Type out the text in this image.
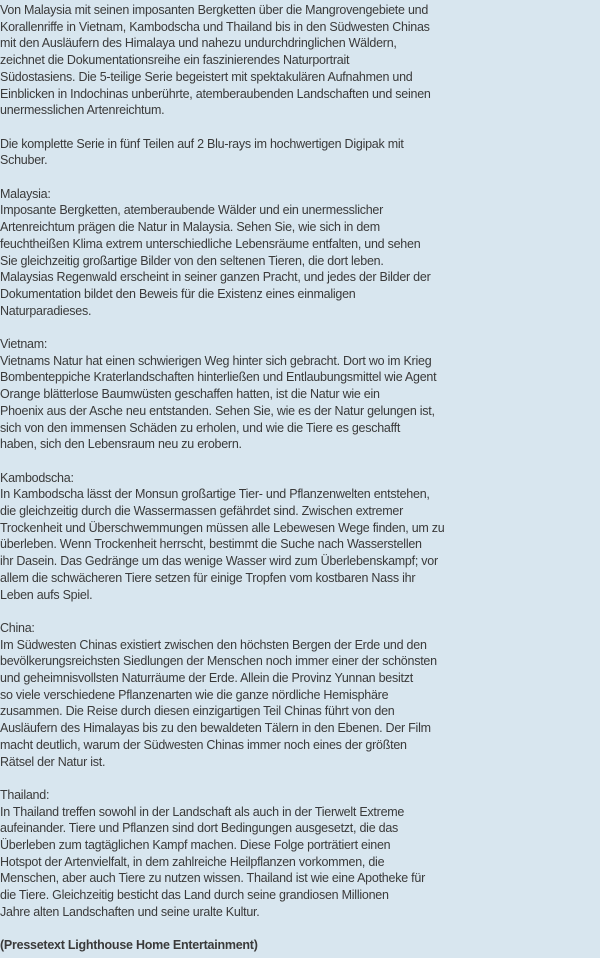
Von Malaysia mit seinen imposanten Bergketten über die Mangrovengebiete und
Korallenriffe in Vietnam, Kambodscha und Thailand bis in den Südwesten Chinas
mit den Ausläufern des Himalaya und nahezu undurchdringlichen Wäldern,
zeichnet die Dokumentationsreihe ein faszinierendes Naturportrait
Südostasiens. Die 5-teilige Serie begeistert mit spektakulären Aufnahmen und
Einblicken in Indochinas unberührte, atemberaubenden Landschaften und seinen
unermesslichen Artenreichtum.
Die komplette Serie in fünf Teilen auf 2 Blu-rays im hochwertigen Digipak mit
Schuber.
Malaysia:
Imposante Bergketten, atemberaubende Wälder und ein unermesslicher
Artenreichtum prägen die Natur in Malaysia. Sehen Sie, wie sich in dem
feuchtheißen Klima extrem unterschiedliche Lebensräume entfalten, und sehen
Sie gleichzeitig großartige Bilder von den seltenen Tieren, die dort leben.
Malaysias Regenwald erscheint in seiner ganzen Pracht, und jedes der Bilder der
Dokumentation bildet den Beweis für die Existenz eines einmaligen
Naturparadieses.
Vietnam:
Vietnams Natur hat einen schwierigen Weg hinter sich gebracht. Dort wo im Krieg
Bombenteppiche Kraterlandschaften hinterließen und Entlaubungsmittel wie Agent
Orange blätterlose Baumwüsten geschaffen hatten, ist die Natur wie ein
Phoenix aus der Asche neu entstanden. Sehen Sie, wie es der Natur gelungen ist,
sich von den immensen Schäden zu erholen, und wie die Tiere es geschafft
haben, sich den Lebensraum neu zu erobern.
Kambodscha:
In Kambodscha lässt der Monsun großartige Tier- und Pflanzenwelten entstehen,
die gleichzeitig durch die Wassermassen gefährdet sind. Zwischen extremer
Trockenheit und Überschwemmungen müssen alle Lebewesen Wege finden, um zu
überleben. Wenn Trockenheit herrscht, bestimmt die Suche nach Wasserstellen
ihr Dasein. Das Gedränge um das wenige Wasser wird zum Überlebenskampf; vor
allem die schwächeren Tiere setzen für einige Tropfen vom kostbaren Nass ihr
Leben aufs Spiel.
China:
Im Südwesten Chinas existiert zwischen den höchsten Bergen der Erde und den
bevölkerungsreichsten Siedlungen der Menschen noch immer einer der schönsten
und geheimnisvollsten Naturräume der Erde. Allein die Provinz Yunnan besitzt
so viele verschiedene Pflanzenarten wie die ganze nördliche Hemisphäre
zusammen. Die Reise durch diesen einzigartigen Teil Chinas führt von den
Ausläufern des Himalayas bis zu den bewaldeten Tälern in den Ebenen. Der Film
macht deutlich, warum der Südwesten Chinas immer noch eines der größten
Rätsel der Natur ist.
Thailand:
In Thailand treffen sowohl in der Landschaft als auch in der Tierwelt Extreme
aufeinander. Tiere und Pflanzen sind dort Bedingungen ausgesetzt, die das
Überleben zum tagtäglichen Kampf machen. Diese Folge porträtiert einen
Hotspot der Artenvielfalt, in dem zahlreiche Heilpflanzen vorkommen, die
Menschen, aber auch Tiere zu nutzen wissen. Thailand ist wie eine Apotheke für
die Tiere. Gleichzeitig besticht das Land durch seine grandiosen Millionen
Jahre alten Landschaften und seine uralte Kultur.
(Pressetext Lighthouse Home Entertainment)
